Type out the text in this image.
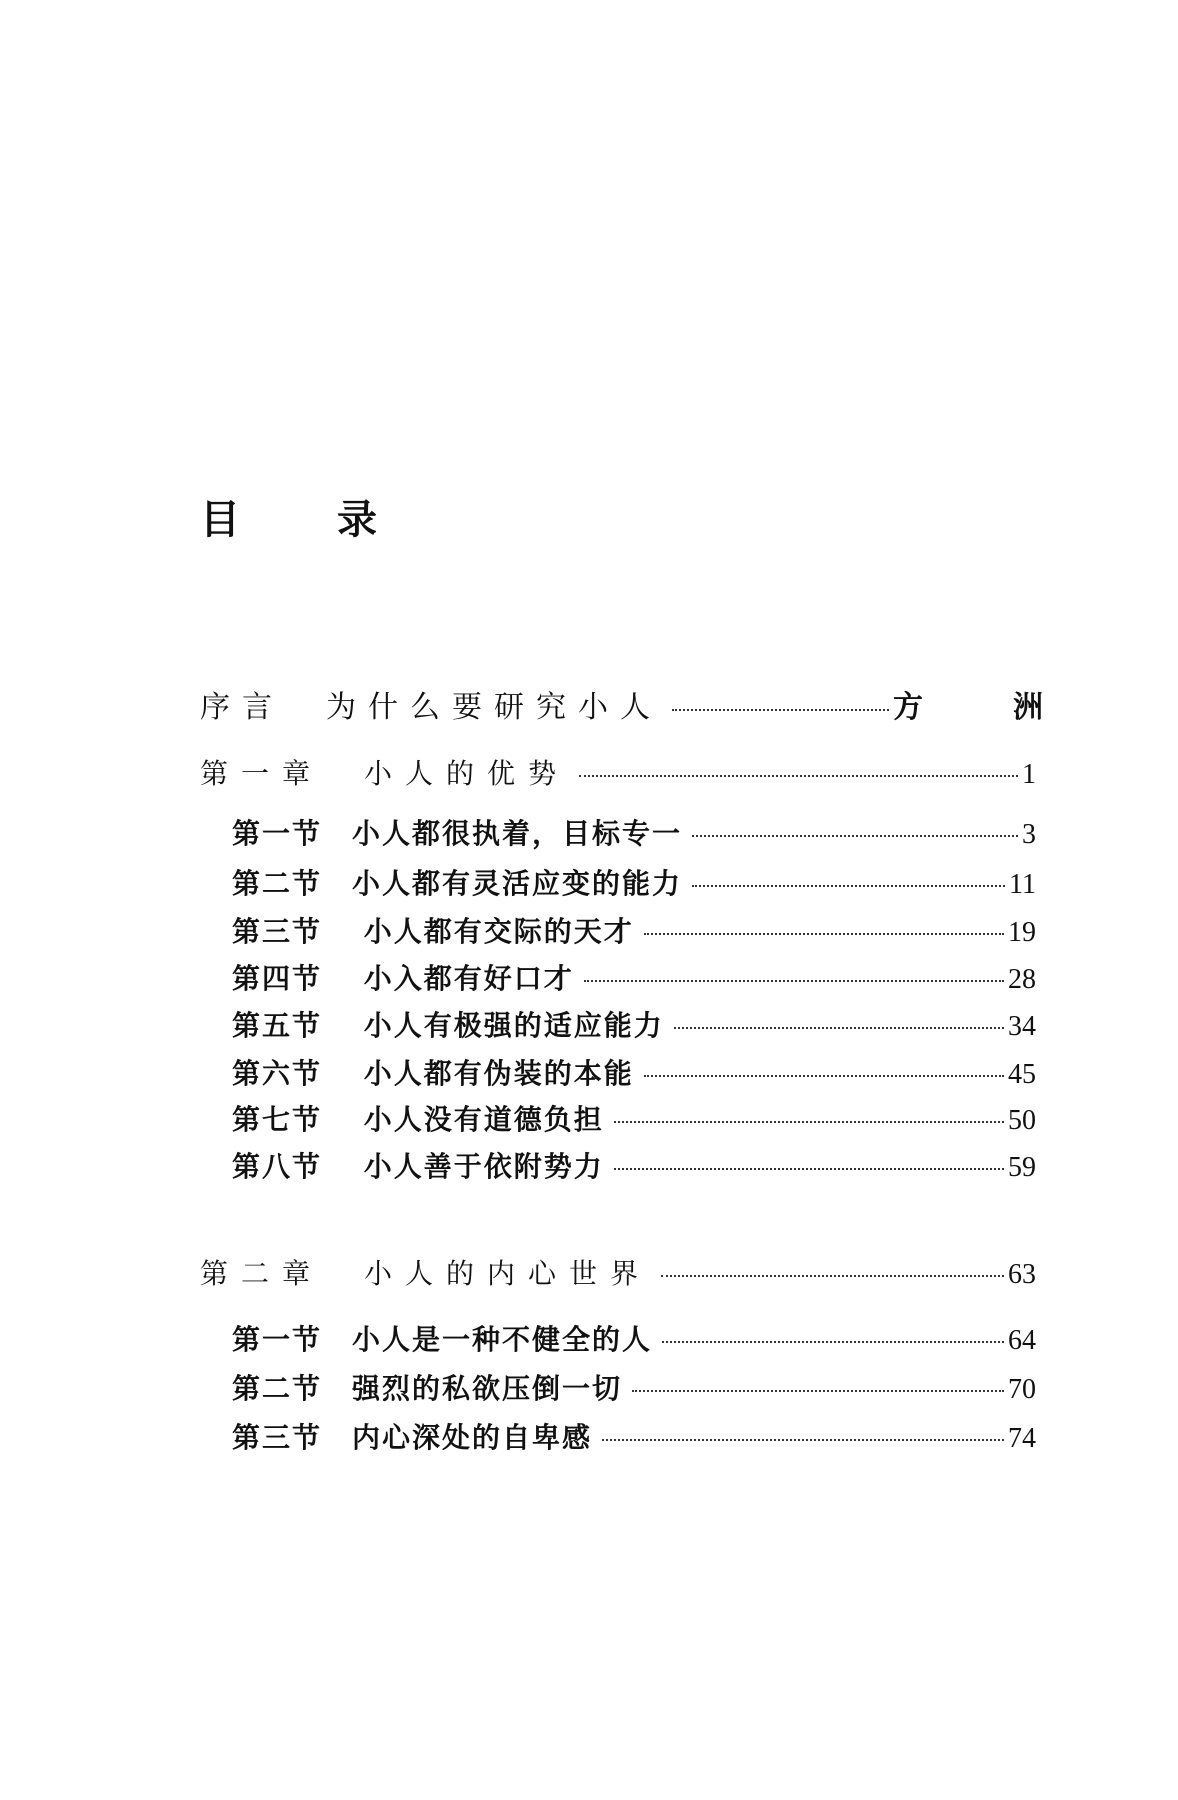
目	录
序言　为什么要研究小人	方　洲
第一章　小人的优势	1
第一节　小人都很执着，目标专一	3
第二节　小人都有灵活应变的能力	11
第三节　 小人都有交际的天才	19
第四节　 小入都有好口才	28
第五节　 小人有极强的适应能力	34
第六节　 小人都有伪装的本能	45
第七节　 小人没有道德负担	50
第八节　 小人善于依附势力	59
第二章　小人的内心世界	63
第一节　小人是一种不健全的人	64
第二节　强烈的私欲压倒一切	70
第三节　内心深处的自卑感	74
